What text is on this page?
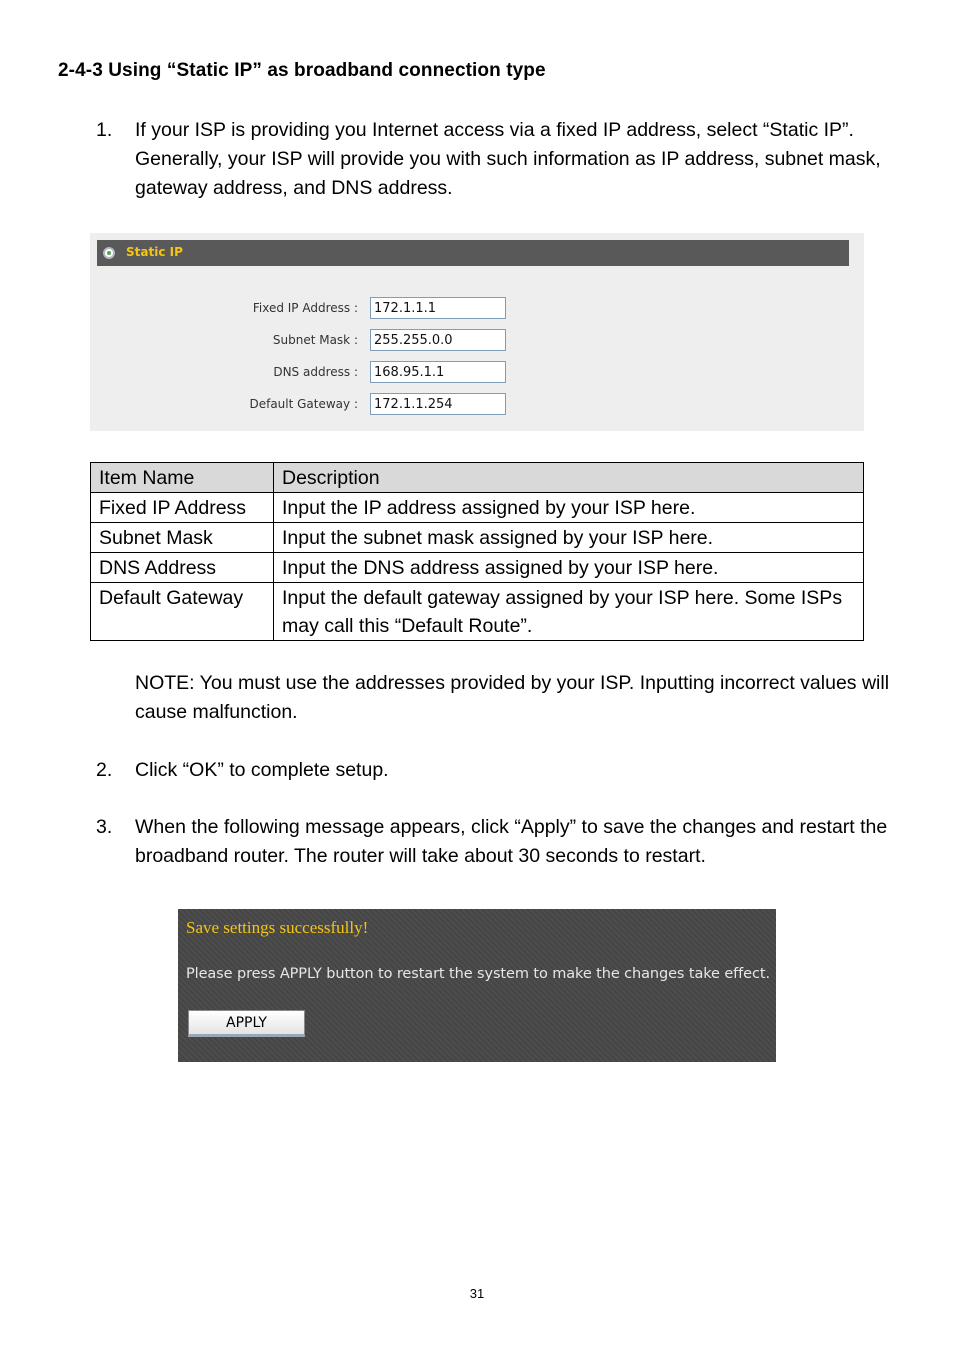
2-4-3 Using “Static IP” as broadband connection type
1.	If your ISP is providing you Internet access via a fixed IP address, select “Static IP”. Generally, your ISP will provide you with such information as IP address, subnet mask, gateway address, and DNS address.
Static IP
Fixed IP Address :
172.1.1.1
Subnet Mask :
255.255.0.0
DNS address :
168.95.1.1
Default Gateway :
172.1.1.254
Item Name	Description
Fixed IP Address	Input the IP address assigned by your ISP here.
Subnet Mask	Input the subnet mask assigned by your ISP here.
DNS Address	Input the DNS address assigned by your ISP here.
Default Gateway	Input the default gateway assigned by your ISP here. Some ISPs may call this “Default Route”.
NOTE: You must use the addresses provided by your ISP. Inputting incorrect values will cause malfunction.
2.	Click “OK” to complete setup.
3.	When the following message appears, click “Apply” to save the changes and restart the broadband router. The router will take about 30 seconds to restart.
Save settings successfully!
Please press APPLY button to restart the system to make the changes take effect.
APPLY
31
